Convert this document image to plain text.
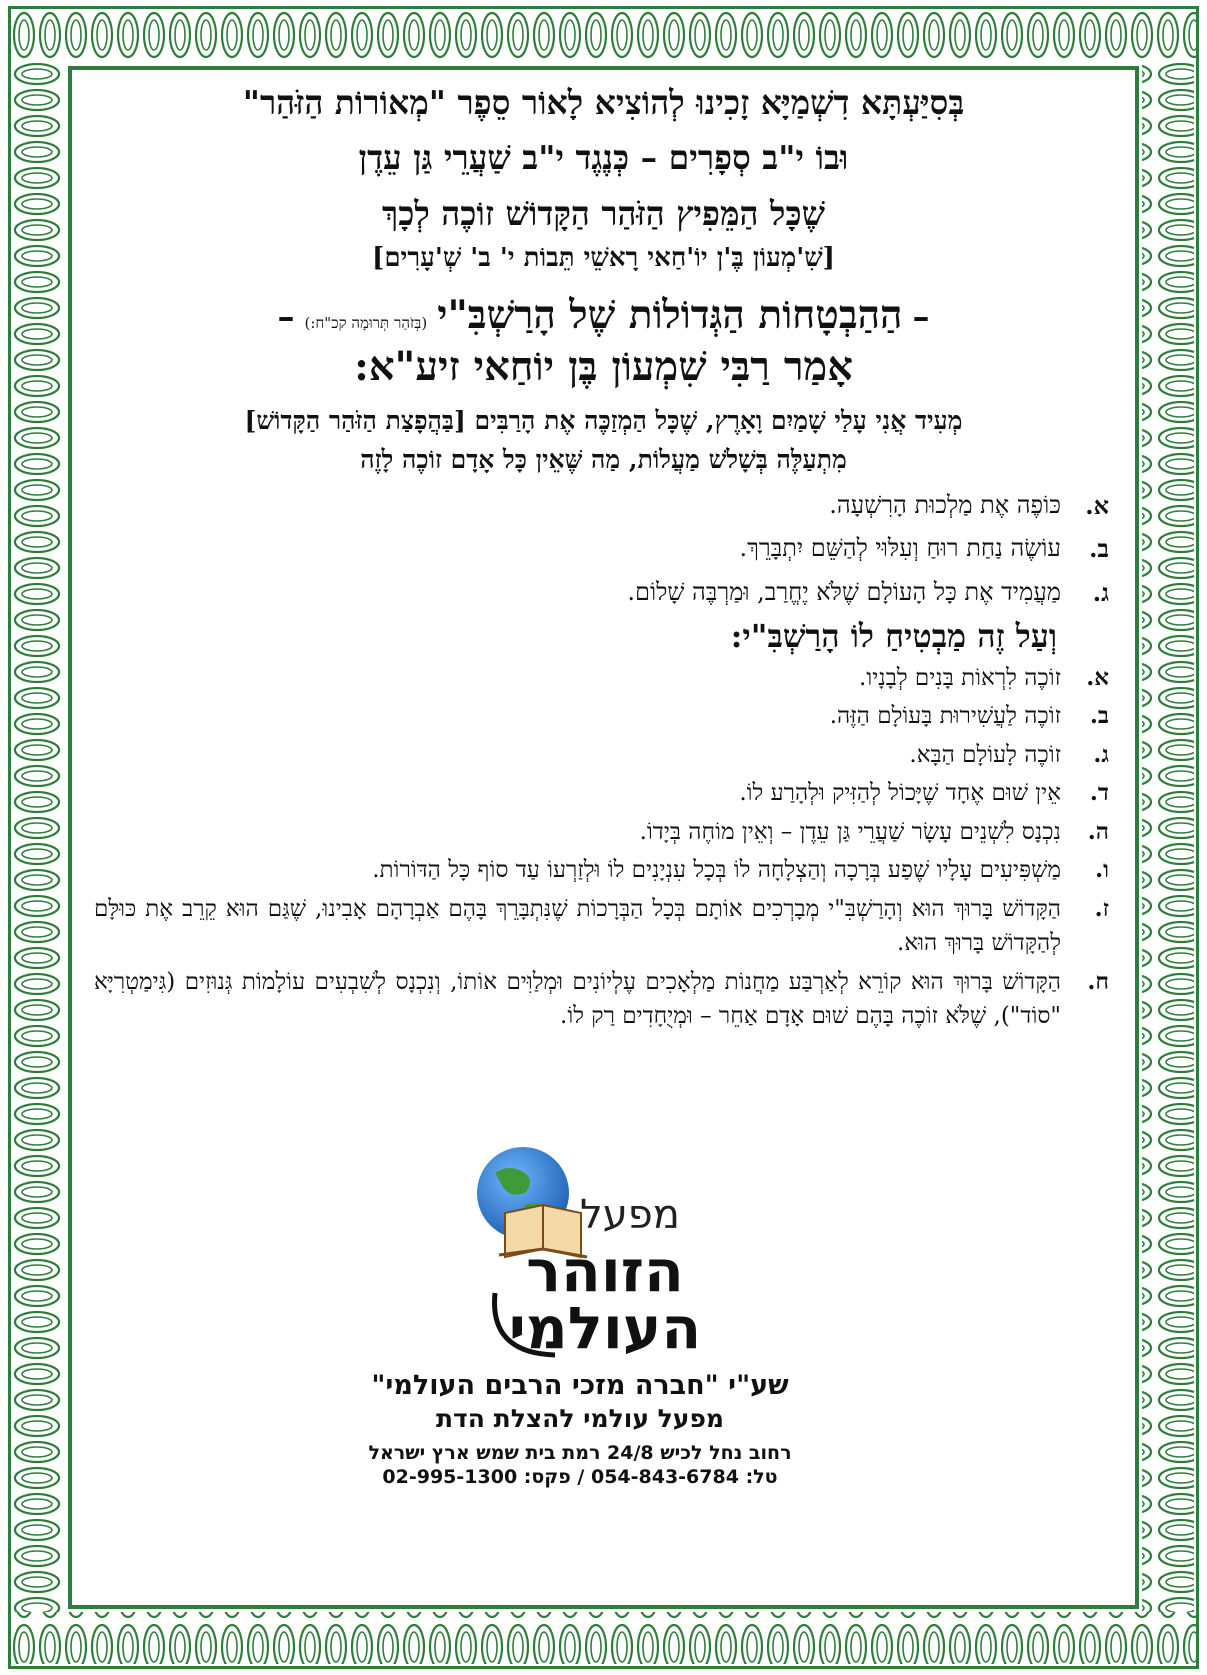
בְּסִיַּעְתָּא דִשְׁמַיָּא זָכִינוּ לְהוֹצִיא לָאוֹר סֵפֶר "מְאוֹרוֹת הַזֹּהַר"

וּבוֹ י"ב סְפָרִים – כְּנֶגֶד י"ב שַׁעֲרֵי גַּן עֵדֶן

שֶׁכָּל הַמֵּפִיץ הַזֹּהַר הַקָּדוֹשׁ זוֹכֶה לְכָךְ

[שִׁ'מְעוֹן בֶּ'ן יוֹ'חַאי רָאשֵׁי תֵּבוֹת י' ב' שְׁ'עָרִים]

–
הַהַבְטָחוֹת הַגְּדוֹלוֹת שֶׁל הָרַשְׁבִּ"י
(בְּזֹהַר תְּרוּמָה קכ"ח:)
–

אָמַר רַבִּי שִׁמְעוֹן בֶּן יוֹחַאי זיע"א:

מְעִיד אֲנִי עָלַי שָׁמַיִם וָאָרֶץ, שֶׁכָּל הַמְזַכֶּה אֶת הָרַבִּים [בַּהֲפָצַת הַזֹּהַר הַקָּדוֹשׁ]
מִתְעַלֶּה בְּשָׁלֹשׁ מַעֲלוֹת, מַה שֶּׁאֵין כָּל אָדָם זוֹכֶה לָזֶה
א.
כּוֹפֶה אֶת מַלְכוּת הָרִשְׁעָה.
ב.
עוֹשֶׂה נַחַת רוּחַ וְעִלּוּי לְהַשֵּׁם יִתְבָּרֵךְ.
ג.
מַעֲמִיד אֶת כָּל הָעוֹלָם שֶׁלֹּא יֶחֱרַב, וּמַרְבֶּה שָׁלוֹם.
וְעַל זֶה מַבְטִיחַ לוֹ הָרַשְׁבִּ"י:
א.
זוֹכֶה לִרְאוֹת בָּנִים לְבָנָיו.
ב.
זוֹכֶה לַעֲשִׁירוּת בָּעוֹלָם הַזֶּה.
ג.
זוֹכֶה לָעוֹלָם הַבָּא.
ד.
אֵין שׁוּם אֶחָד שֶׁיָּכוֹל לְהַזִּיק וּלְהָרַע לוֹ.
ה.
נִכְנָס לִשְׁנֵים עָשָׂר שַׁעֲרֵי גַּן עֵדֶן – וְאֵין מוֹחֶה בְּיָדוֹ.
ו.
מַשְׁפִּיעִים עָלָיו שֶׁפַע בְּרָכָה וְהַצְלָחָה לוֹ בְּכָל עִנְיָנִים לוֹ וּלְזַרְעוֹ עַד סוֹף כָּל הַדּוֹרוֹת.
ז.
הַקָּדוֹשׁ בָּרוּךְ הוּא וְהָרַשְׁבִּ"י מְבָרְכִים אוֹתָם בְּכָל הַבְּרָכוֹת שֶׁנִּתְבָּרֵךְ בָּהֶם אַבְרָהָם אָבִינוּ, שֶׁגַּם הוּא קֵרֵב אֶת כּוּלָּם לְהַקָּדוֹשׁ בָּרוּךְ הוּא.
ח.
הַקָּדוֹשׁ בָּרוּךְ הוּא קוֹרֵא לְאַרְבַּע מַחֲנוֹת מַלְאָכִים עֶלְיוֹנִים וּמְלַוִּים אוֹתוֹ, וְנִכְנָס לְשִׁבְעִים עוֹלָמוֹת גְּנוּזִים (גִּימַטְרִיָּא "סוֹד"), שֶׁלֹּא זוֹכֶה בָּהֶם שׁוּם אָדָם אַחֵר – וּמְיֻחָדִים רַק לוֹ.
מפעל
הזוהר
העולמי
שע"י "חברה מזכי הרבים העולמי"
מפעל עולמי להצלת הדת
רחוב נחל לכיש 24/8 רמת בית שמש ארץ ישראל
טל: 054-843-6784 / פקס: 02-995-1300
